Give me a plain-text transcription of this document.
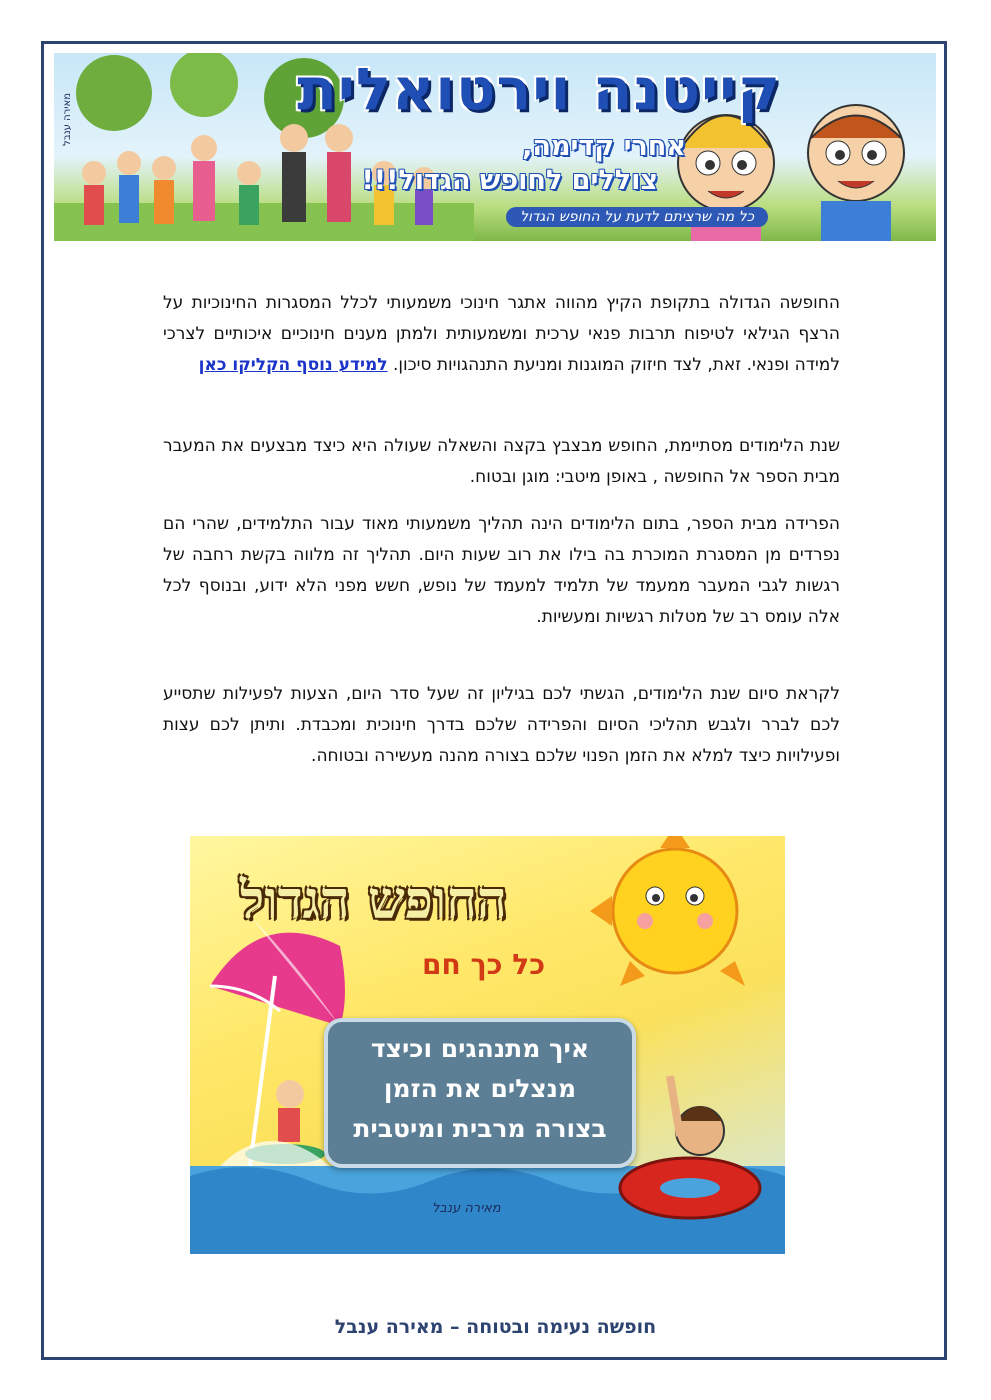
קייטנה וירטואלית
אחרי קדימה,
צוללים לחופש הגדול!!!
כל מה שרציתם לדעת על החופש הגדול
מאירה ענבל
החופשה הגדולה בתקופת הקיץ מהווה אתגר חינוכי משמעותי לכלל המסגרות החינוכיות על הרצף הגילאי לטיפוח תרבות פנאי ערכית ומשמעותית ולמתן מענים חינוכיים איכותיים לצרכי למידה ופנאי. זאת, לצד חיזוק המוגנות ומניעת התנהגויות סיכון. למידע נוסף הקליקו כאן
שנת הלימודים מסתיימת, החופש מבצבץ בקצה והשאלה שעולה היא כיצד מבצעים את המעבר מבית הספר אל החופשה , באופן מיטבי: מוגן ובטוח.
הפרידה מבית הספר, בתום הלימודים הינה תהליך משמעותי מאוד עבור התלמידים, שהרי הם נפרדים מן המסגרת המוכרת בה בילו את רוב שעות היום. תהליך זה מלווה בקשת רחבה של רגשות לגבי המעבר ממעמד של תלמיד למעמד של נופש, חשש מפני הלא ידוע, ובנוסף לכל אלה עומס רב של מטלות רגשיות ומעשיות.
לקראת סיום שנת הלימודים, הגשתי לכם בגיליון זה שעל סדר היום, הצעות לפעילות שתסייע לכם לברר ולגבש תהליכי הסיום והפרידה שלכם בדרך חינוכית ומכבדת. ותיתן לכם עצות ופעילויות כיצד למלא את הזמן הפנוי שלכם בצורה מהנה מעשירה ובטוחה.
החופש הגדול
כל כך חם
איך מתנהגים וכיצד
מנצלים את הזמן
בצורה מרבית ומיטבית
מאירה ענבל
חופשה נעימה ובטוחה – מאירה ענבל
